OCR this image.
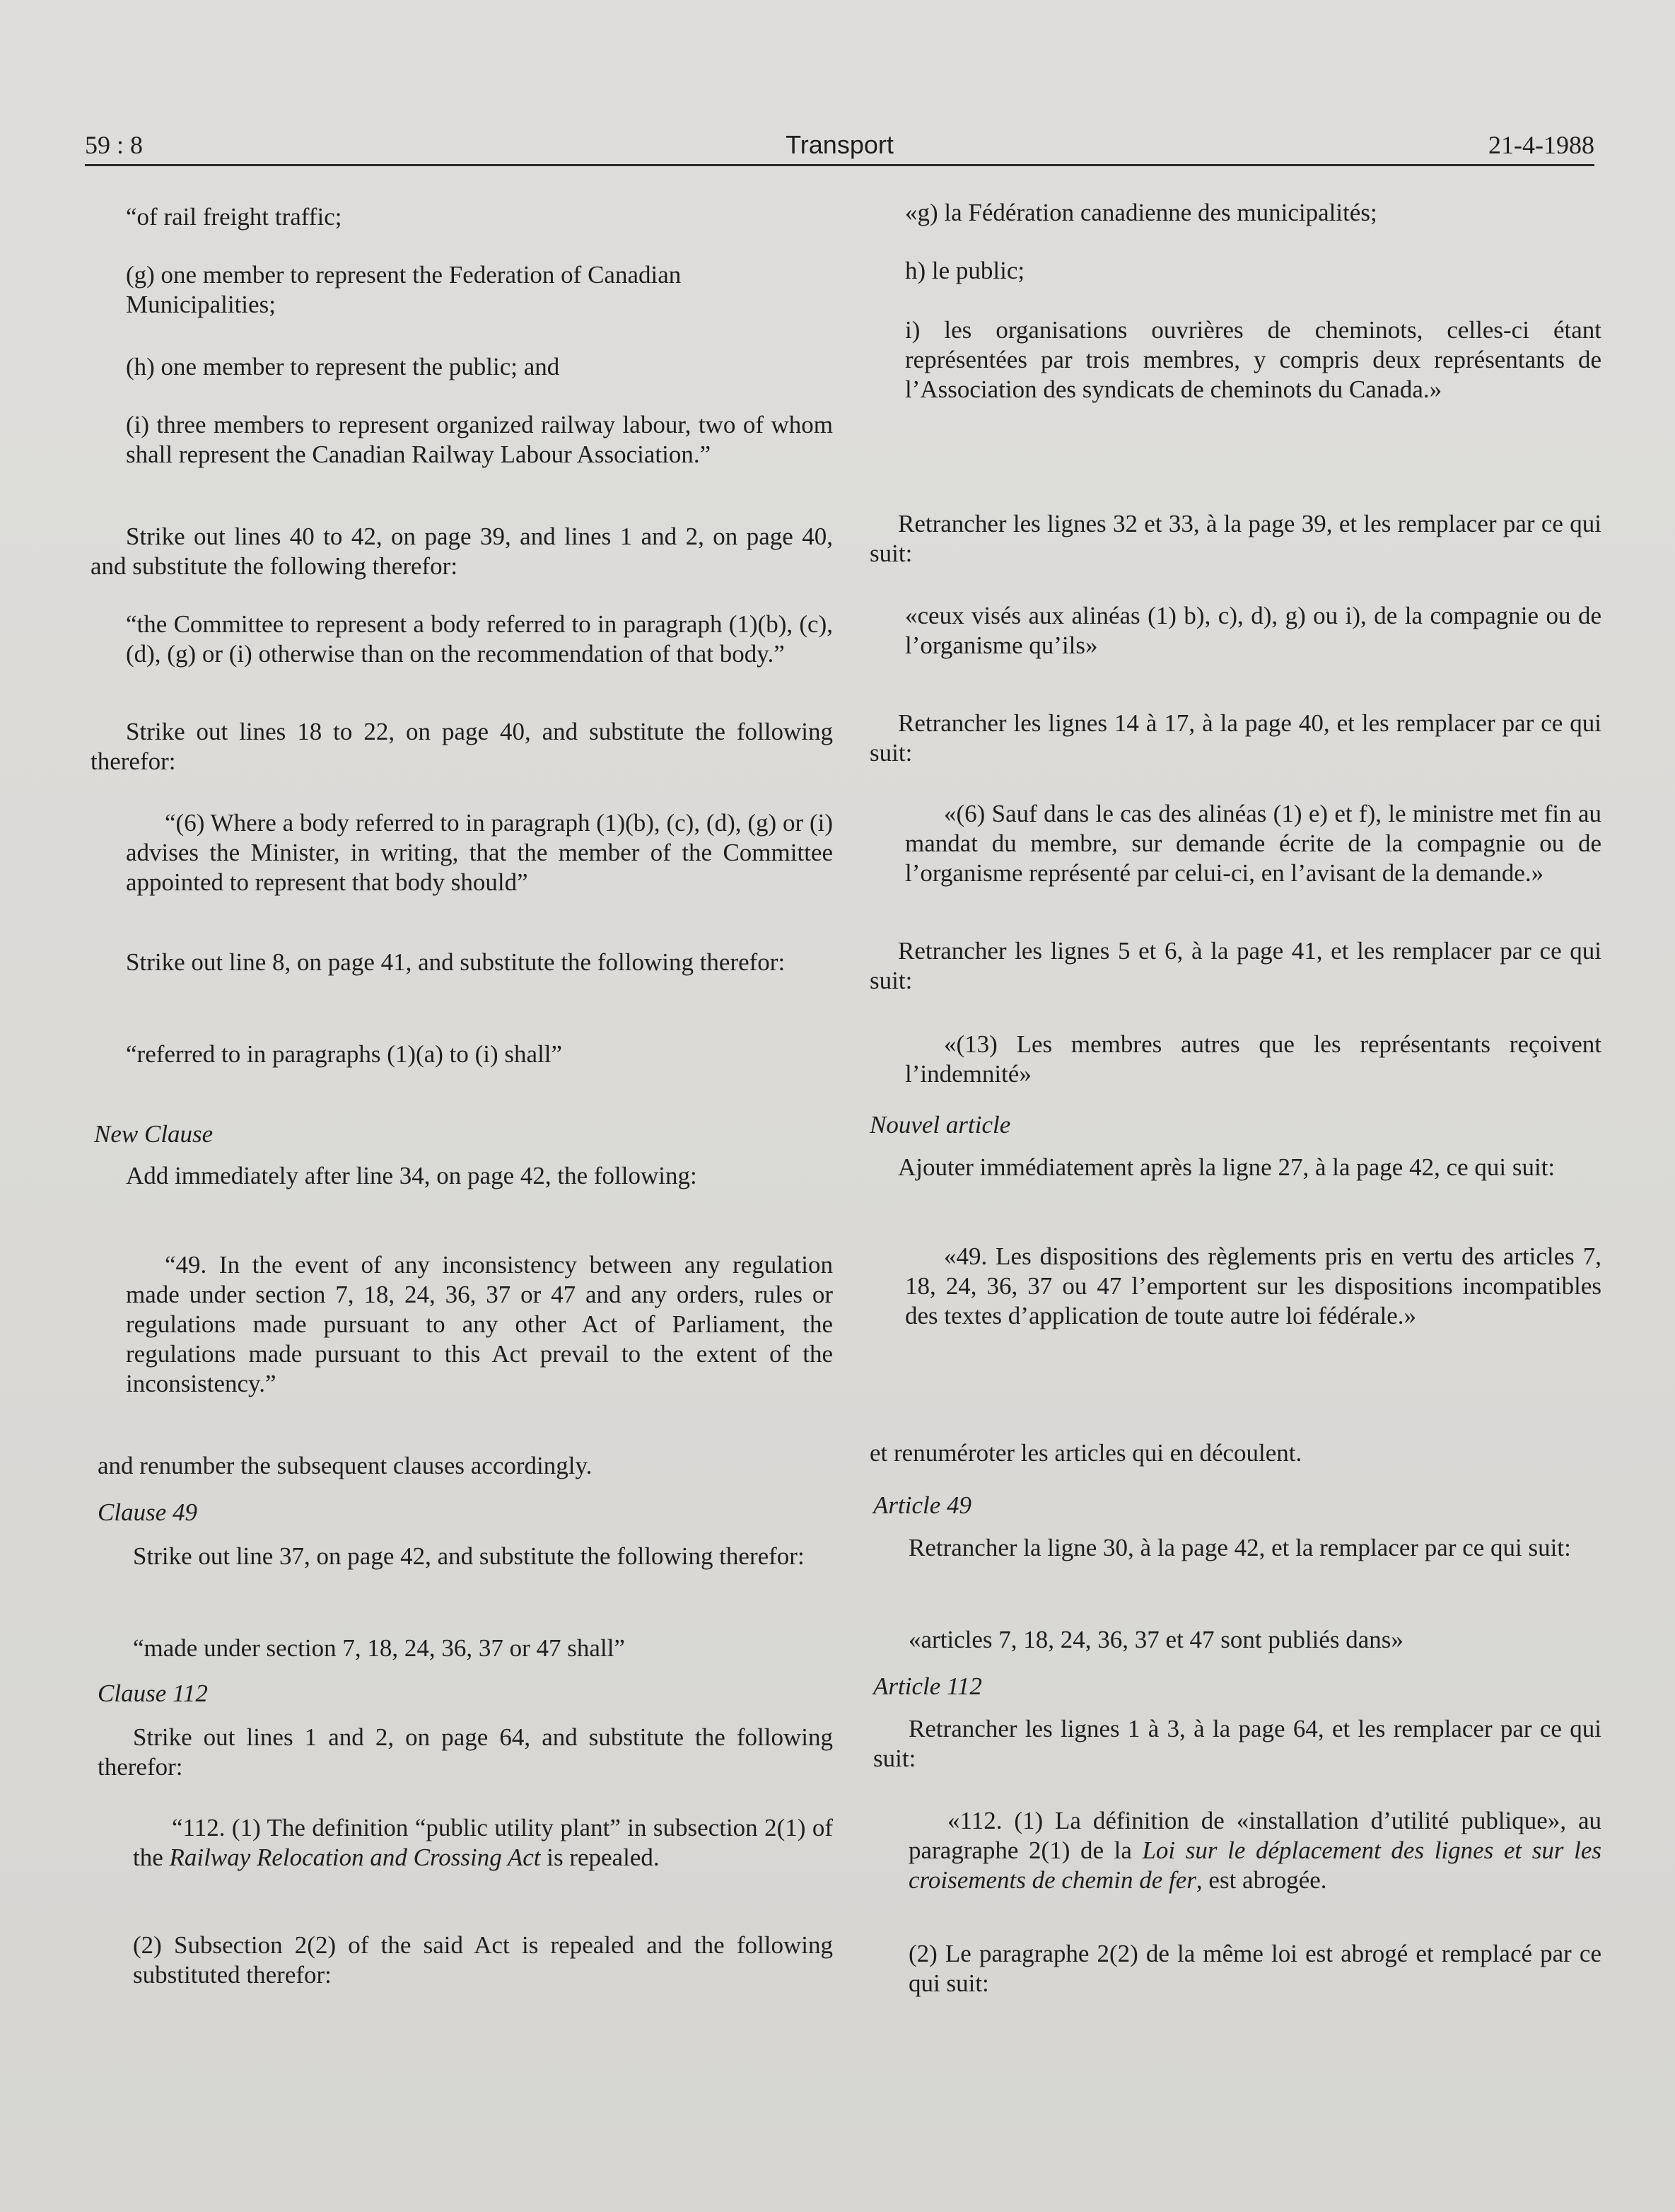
59 : 8	Transport	21-4-1988

“of rail freight traffic;

(g) one member to represent the Federation of Canadian Municipalities;

(h) one member to represent the public; and

(i) three members to represent organized railway labour, two of whom shall represent the Canadian Railway Labour Association.”

Strike out lines 40 to 42, on page 39, and lines 1 and 2, on page 40, and substitute the following therefor:

“the Committee to represent a body referred to in paragraph (1)(b), (c), (d), (g) or (i) otherwise than on the recommendation of that body.”

Strike out lines 18 to 22, on page 40, and substitute the following therefor:

“(6) Where a body referred to in paragraph (1)(b), (c), (d), (g) or (i) advises the Minister, in writing, that the member of the Committee appointed to represent that body should”

Strike out line 8, on page 41, and substitute the following therefor:

“referred to in paragraphs (1)(a) to (i) shall”

New Clause

Add immediately after line 34, on page 42, the following:

“49. In the event of any inconsistency between any regulation made under section 7, 18, 24, 36, 37 or 47 and any orders, rules or regulations made pursuant to any other Act of Parliament, the regulations made pursuant to this Act prevail to the extent of the inconsistency.”

and renumber the subsequent clauses accordingly.

Clause 49

Strike out line 37, on page 42, and substitute the following therefor:

“made under section 7, 18, 24, 36, 37 or 47 shall”

Clause 112

Strike out lines 1 and 2, on page 64, and substitute the following therefor:

“112. (1) The definition “public utility plant” in subsection 2(1) of the Railway Relocation and Crossing Act is repealed.

(2) Subsection 2(2) of the said Act is repealed and the following substituted therefor:

«g) la Fédération canadienne des municipalités;

h) le public;

i) les organisations ouvrières de cheminots, celles-ci étant représentées par trois membres, y compris deux représentants de l’Association des syndicats de cheminots du Canada.»

Retrancher les lignes 32 et 33, à la page 39, et les remplacer par ce qui suit:

«ceux visés aux alinéas (1) b), c), d), g) ou i), de la compagnie ou de l’organisme qu’ils»

Retrancher les lignes 14 à 17, à la page 40, et les remplacer par ce qui suit:

«(6) Sauf dans le cas des alinéas (1) e) et f), le ministre met fin au mandat du membre, sur demande écrite de la compagnie ou de l’organisme représenté par celui-ci, en l’avisant de la demande.»

Retrancher les lignes 5 et 6, à la page 41, et les remplacer par ce qui suit:

«(13) Les membres autres que les représentants reçoivent l’indemnité»

Nouvel article

Ajouter immédiatement après la ligne 27, à la page 42, ce qui suit:

«49. Les dispositions des règlements pris en vertu des articles 7, 18, 24, 36, 37 ou 47 l’emportent sur les dispositions incompatibles des textes d’application de toute autre loi fédérale.»

et renuméroter les articles qui en découlent.

Article 49

Retrancher la ligne 30, à la page 42, et la remplacer par ce qui suit:

«articles 7, 18, 24, 36, 37 et 47 sont publiés dans»

Article 112

Retrancher les lignes 1 à 3, à la page 64, et les remplacer par ce qui suit:

«112. (1) La définition de «installation d’utilité publique», au paragraphe 2(1) de la Loi sur le déplacement des lignes et sur les croisements de chemin de fer, est abrogée.

(2) Le paragraphe 2(2) de la même loi est abrogé et remplacé par ce qui suit:
